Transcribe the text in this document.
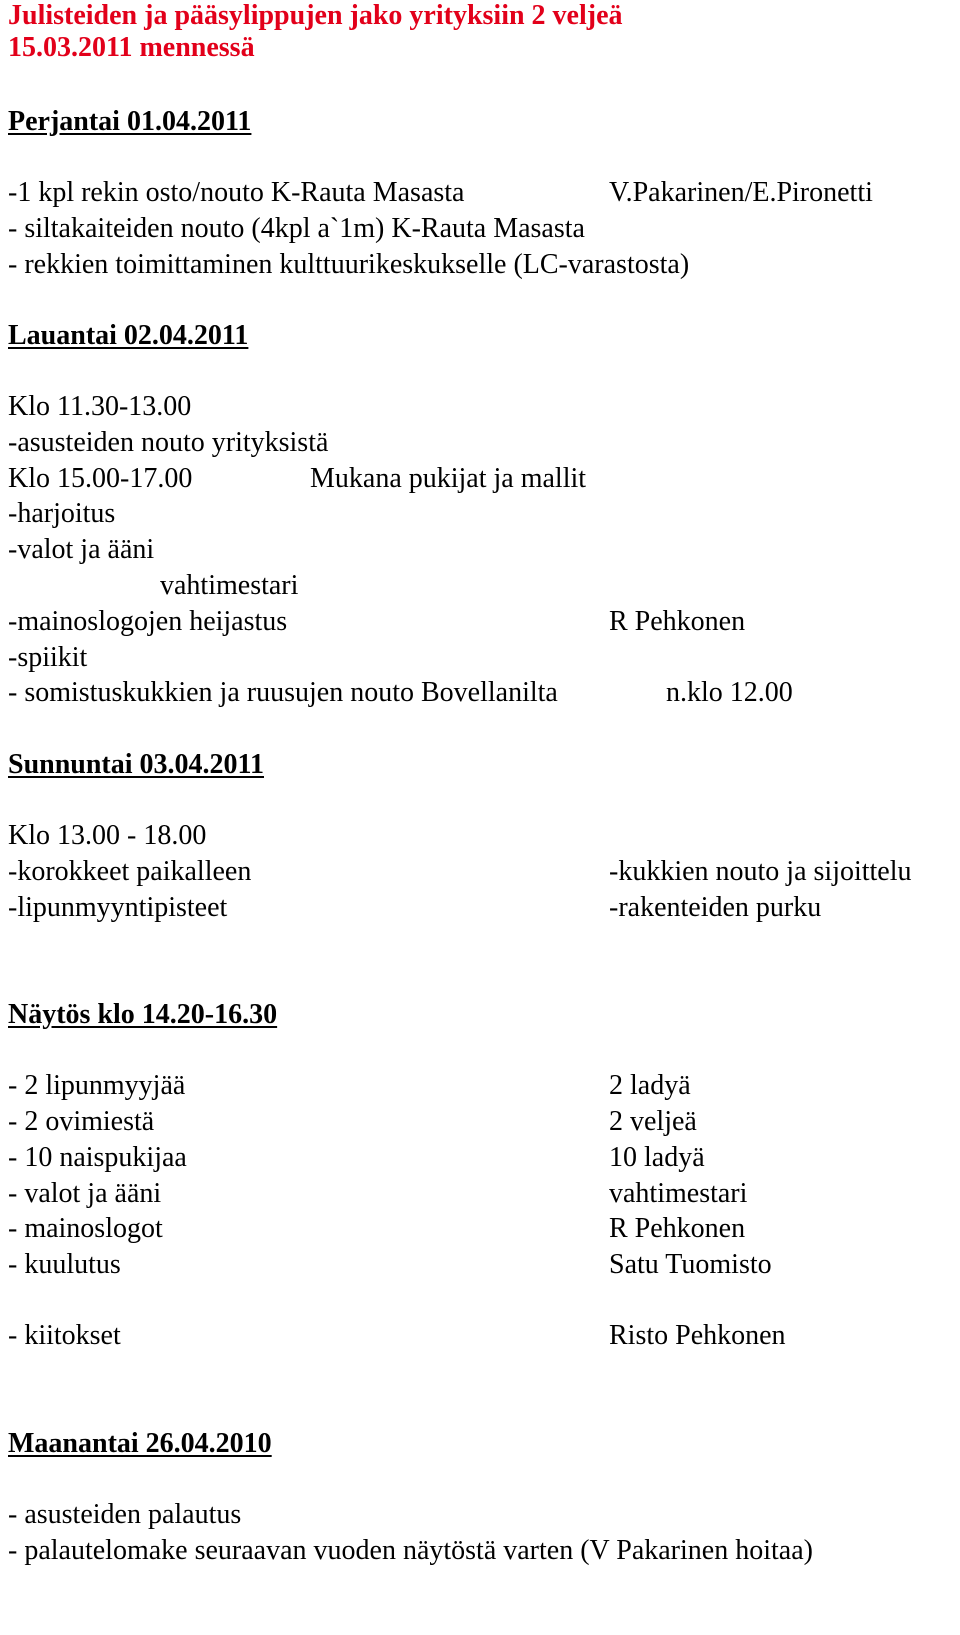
Julisteiden ja pääsylippujen jako yrityksiin 2 veljeä
15.03.2011 mennessä
Perjantai 01.04.2011
-1 kpl rekin osto/nouto K-Rauta Masasta	V.Pakarinen/E.Pironetti
- siltakaiteiden nouto (4kpl a`1m) K-Rauta Masasta
- rekkien toimittaminen kulttuurikeskukselle (LC-varastosta)
Lauantai 02.04.2011
Klo 11.30-13.00
-asusteiden nouto yrityksistä
Klo 15.00-17.00	Mukana pukijat ja mallit
-harjoitus
-valot ja ääni
vahtimestari
-mainoslogojen heijastus	R Pehkonen
-spiikit
- somistuskukkien ja ruusujen nouto Bovellanilta	n.klo 12.00
Sunnuntai 03.04.2011
Klo 13.00 - 18.00
-korokkeet paikalleen	-kukkien nouto ja sijoittelu
-lipunmyyntipisteet	-rakenteiden purku
Näytös klo 14.20-16.30
- 2 lipunmyyjää	2 ladyä
- 2 ovimiestä	2 veljeä
- 10 naispukijaa	10 ladyä
- valot ja ääni	vahtimestari
- mainoslogot	R Pehkonen
- kuulutus	Satu Tuomisto
- kiitokset	Risto Pehkonen
Maanantai 26.04.2010
- asusteiden palautus
- palautelomake seuraavan vuoden näytöstä varten (V Pakarinen hoitaa)
